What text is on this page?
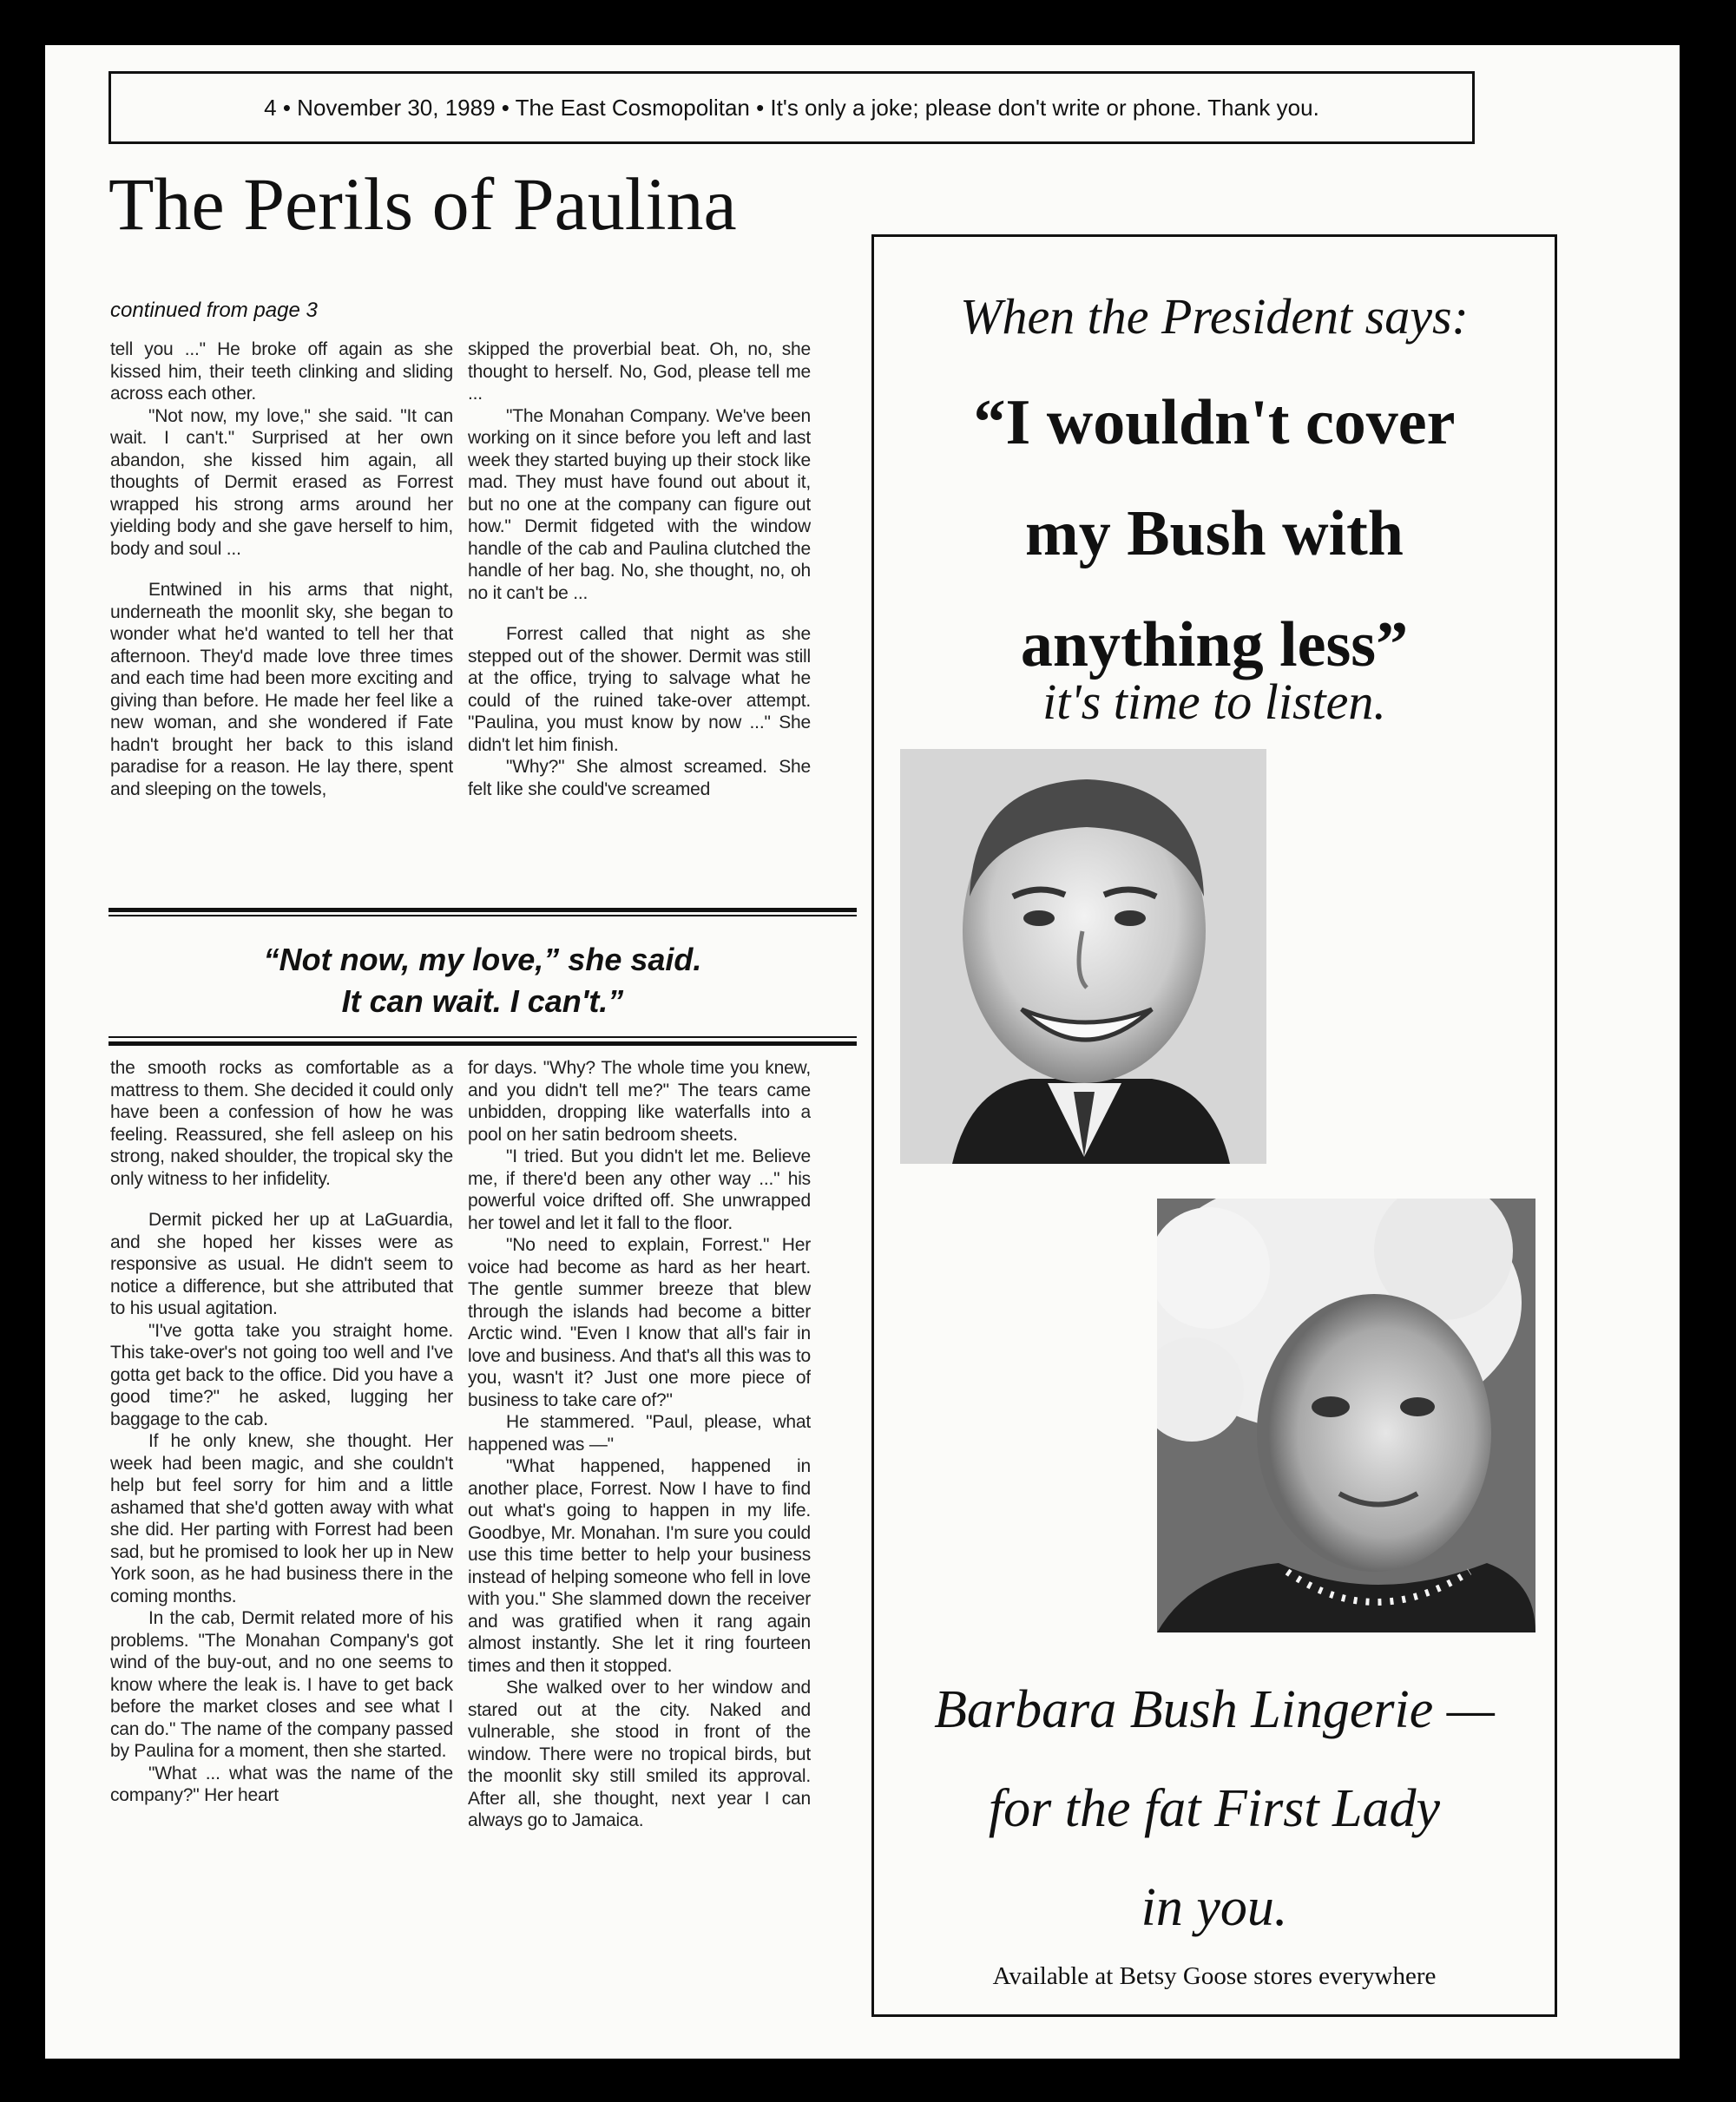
4 • November 30, 1989 • The East Cosmopolitan • It's only a joke; please don't write or phone. Thank you.
The Perils of Paulina
continued from page 3

tell you ..." He broke off again as she kissed him, their teeth clinking and sliding across each other.

"Not now, my love," she said. "It can wait. I can't." Surprised at her own abandon, she kissed him again, all thoughts of Dermit erased as Forrest wrapped his strong arms around her yielding body and she gave herself to him, body and soul ...

Entwined in his arms that night, underneath the moonlit sky, she began to wonder what he'd wanted to tell her that afternoon. They'd made love three times and each time had been more exciting and giving than before. He made her feel like a new woman, and she wondered if Fate hadn't brought her back to this island paradise for a reason. He lay there, spent and sleeping on the towels,

skipped the proverbial beat. Oh, no, she thought to herself. No, God, please tell me ...

"The Monahan Company. We've been working on it since before you left and last week they started buying up their stock like mad. They must have found out about it, but no one at the company can figure out how." Dermit fidgeted with the window handle of the cab and Paulina clutched the handle of her bag. No, she thought, no, oh no it can't be ...

Forrest called that night as she stepped out of the shower. Dermit was still at the office, trying to salvage what he could of the ruined take-over attempt. "Paulina, you must know by now ..." She didn't let him finish.

"Why?" She almost screamed. She felt like she could've screamed

“Not now, my love,” she said.
It can wait. I can't.”

the smooth rocks as comfortable as a mattress to them. She decided it could only have been a confession of how he was feeling. Reassured, she fell asleep on his strong, naked shoulder, the tropical sky the only witness to her infidelity.

Dermit picked her up at LaGuardia, and she hoped her kisses were as responsive as usual. He didn't seem to notice a difference, but she attributed that to his usual agitation.

"I've gotta take you straight home. This take-over's not going too well and I've gotta get back to the office. Did you have a good time?" he asked, lugging her baggage to the cab.

If he only knew, she thought. Her week had been magic, and she couldn't help but feel sorry for him and a little ashamed that she'd gotten away with what she did. Her parting with Forrest had been sad, but he promised to look her up in New York soon, as he had business there in the coming months.

In the cab, Dermit related more of his problems. "The Monahan Company's got wind of the buy-out, and no one seems to know where the leak is. I have to get back before the market closes and see what I can do." The name of the company passed by Paulina for a moment, then she started.

"What ... what was the name of the company?" Her heart

for days. "Why? The whole time you knew, and you didn't tell me?" The tears came unbidden, dropping like waterfalls into a pool on her satin bedroom sheets.

"I tried. But you didn't let me. Believe me, if there'd been any other way ..." his powerful voice drifted off. She unwrapped her towel and let it fall to the floor.

"No need to explain, Forrest." Her voice had become as hard as her heart. The gentle summer breeze that blew through the islands had become a bitter Arctic wind. "Even I know that all's fair in love and business. And that's all this was to you, wasn't it? Just one more piece of business to take care of?"

He stammered. "Paul, please, what happened was —"

"What happened, happened in another place, Forrest. Now I have to find out what's going to happen in my life. Goodbye, Mr. Monahan. I'm sure you could use this time better to help your business instead of helping someone who fell in love with you." She slammed down the receiver and was gratified when it rang again almost instantly. She let it ring fourteen times and then it stopped.

She walked over to her window and stared out at the city. Naked and vulnerable, she stood in front of the window. There were no tropical birds, but the moonlit sky still smiled its approval. After all, she thought, next year I can always go to Jamaica.

When the President says:
“I wouldn't cover
my Bush with
anything less”
it's time to listen.
Barbara Bush Lingerie —
for the fat First Lady
in you.
Available at Betsy Goose stores everywhere
